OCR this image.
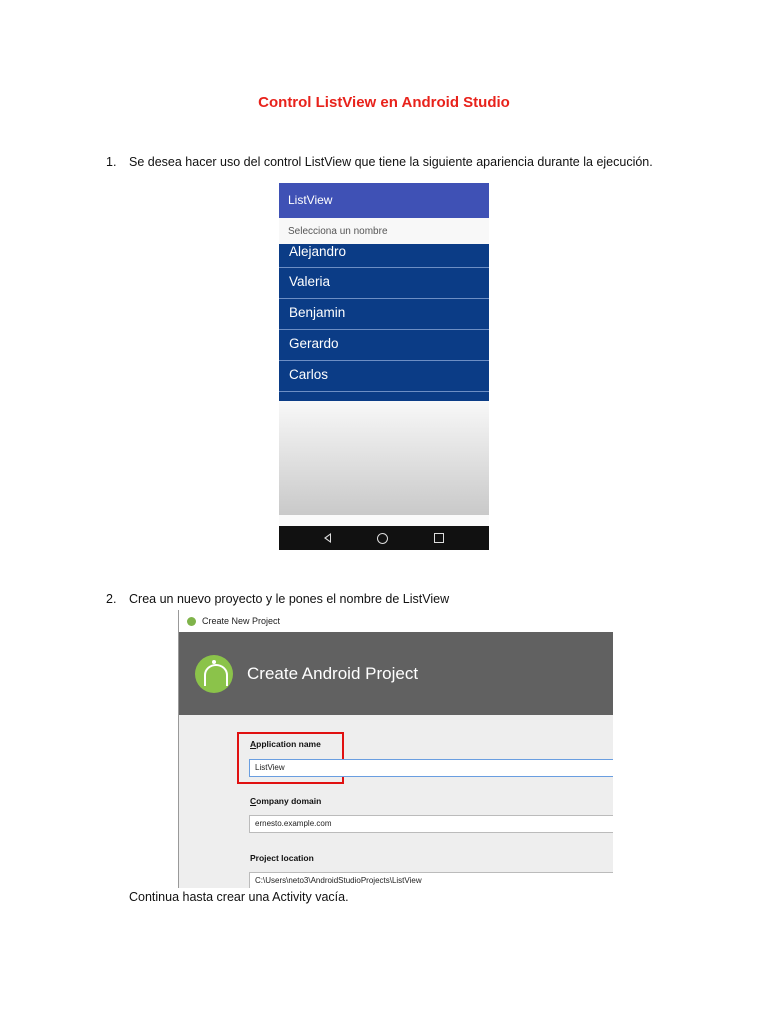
Control ListView en Android Studio
1. Se desea hacer uso del control ListView que tiene la siguiente apariencia durante la ejecución.
ListView
Selecciona un nombre
Alejandro
Valeria
Benjamin
Gerardo
Carlos
2. Crea un nuevo proyecto y le pones el nombre de ListView
Create New Project
Create Android Project
Application name
ListView
Company domain
ernesto.example.com
Project location
C:\Users\neto3\AndroidStudioProjects\ListView
Continua hasta crear una Activity vacía.
